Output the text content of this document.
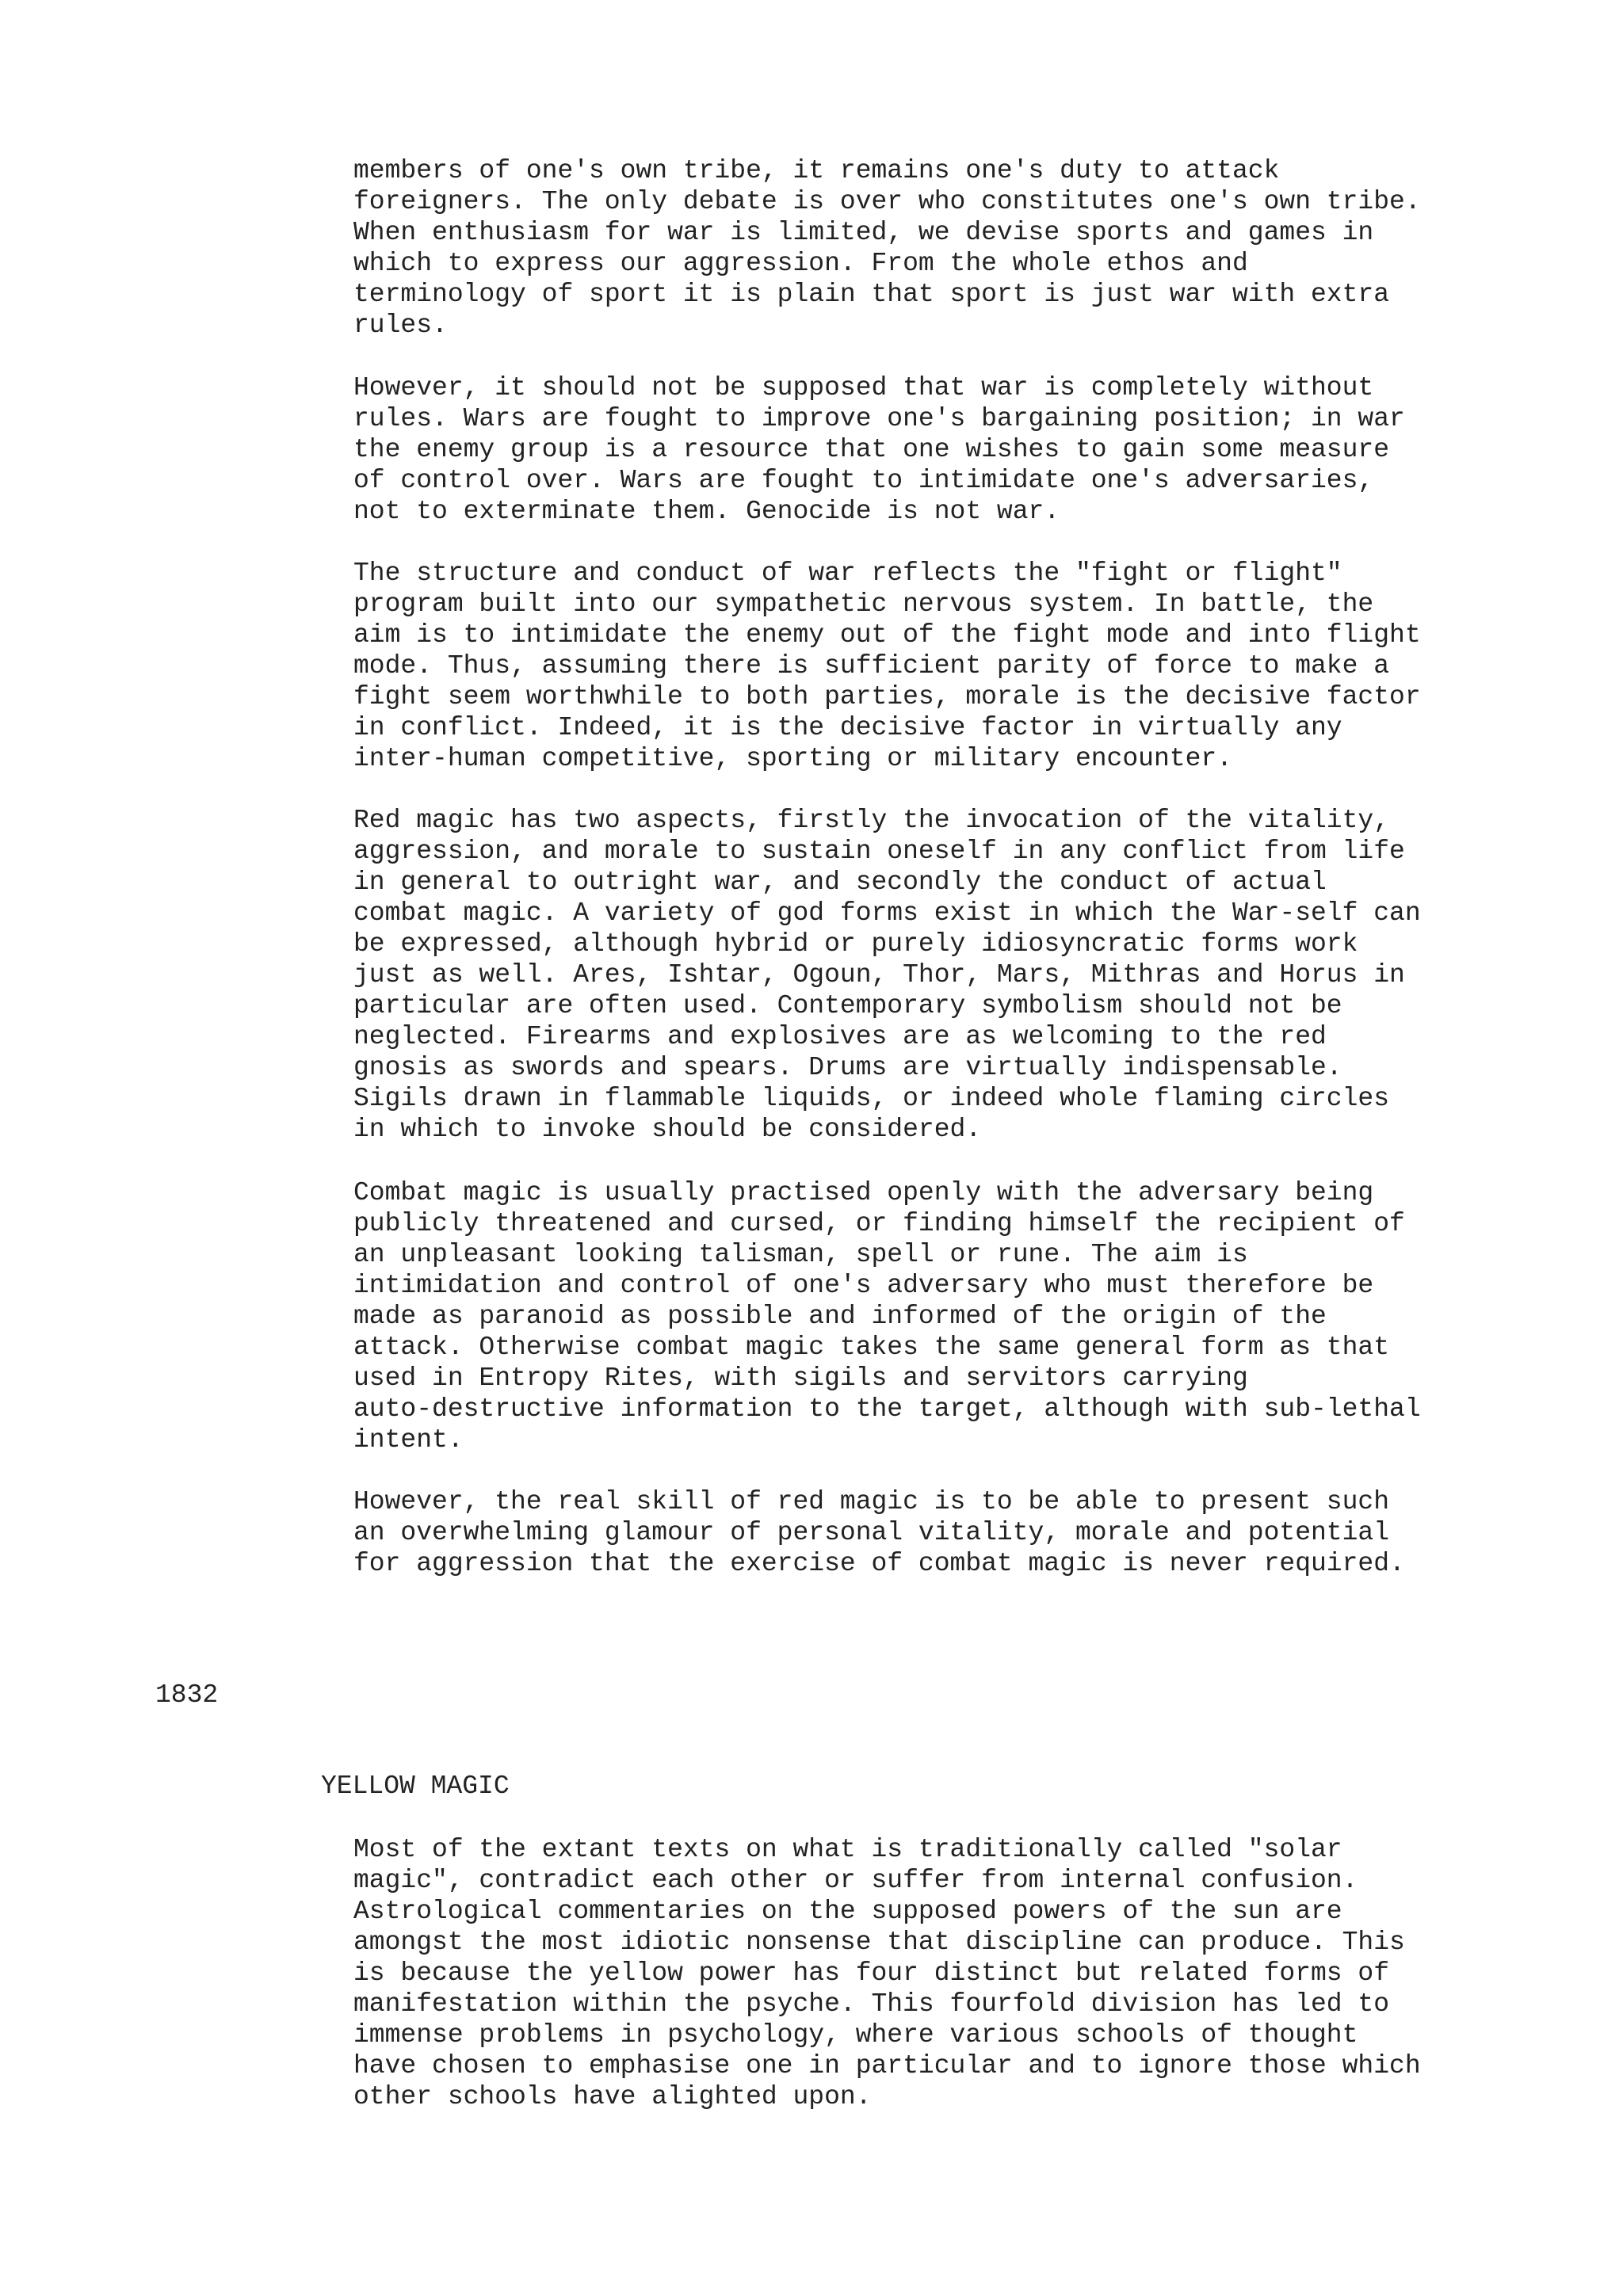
members of one's own tribe, it remains one's duty to attack
foreigners. The only debate is over who constitutes one's own tribe.
When enthusiasm for war is limited, we devise sports and games in
which to express our aggression. From the whole ethos and
terminology of sport it is plain that sport is just war with extra
rules.
However, it should not be supposed that war is completely without
rules. Wars are fought to improve one's bargaining position; in war
the enemy group is a resource that one wishes to gain some measure
of control over. Wars are fought to intimidate one's adversaries,
not to exterminate them. Genocide is not war.
The structure and conduct of war reflects the "fight or flight"
program built into our sympathetic nervous system. In battle, the
aim is to intimidate the enemy out of the fight mode and into flight
mode. Thus, assuming there is sufficient parity of force to make a
fight seem worthwhile to both parties, morale is the decisive factor
in conflict. Indeed, it is the decisive factor in virtually any
inter-human competitive, sporting or military encounter.
Red magic has two aspects, firstly the invocation of the vitality,
aggression, and morale to sustain oneself in any conflict from life
in general to outright war, and secondly the conduct of actual
combat magic. A variety of god forms exist in which the War-self can
be expressed, although hybrid or purely idiosyncratic forms work
just as well. Ares, Ishtar, Ogoun, Thor, Mars, Mithras and Horus in
particular are often used. Contemporary symbolism should not be
neglected. Firearms and explosives are as welcoming to the red
gnosis as swords and spears. Drums are virtually indispensable.
Sigils drawn in flammable liquids, or indeed whole flaming circles
in which to invoke should be considered.
Combat magic is usually practised openly with the adversary being
publicly threatened and cursed, or finding himself the recipient of
an unpleasant looking talisman, spell or rune. The aim is
intimidation and control of one's adversary who must therefore be
made as paranoid as possible and informed of the origin of the
attack. Otherwise combat magic takes the same general form as that
used in Entropy Rites, with sigils and servitors carrying
auto-destructive information to the target, although with sub-lethal
intent.
However, the real skill of red magic is to be able to present such
an overwhelming glamour of personal vitality, morale and potential
for aggression that the exercise of combat magic is never required.
1832
YELLOW MAGIC
Most of the extant texts on what is traditionally called "solar
magic", contradict each other or suffer from internal confusion.
Astrological commentaries on the supposed powers of the sun are
amongst the most idiotic nonsense that discipline can produce. This
is because the yellow power has four distinct but related forms of
manifestation within the psyche. This fourfold division has led to
immense problems in psychology, where various schools of thought
have chosen to emphasise one in particular and to ignore those which
other schools have alighted upon.
